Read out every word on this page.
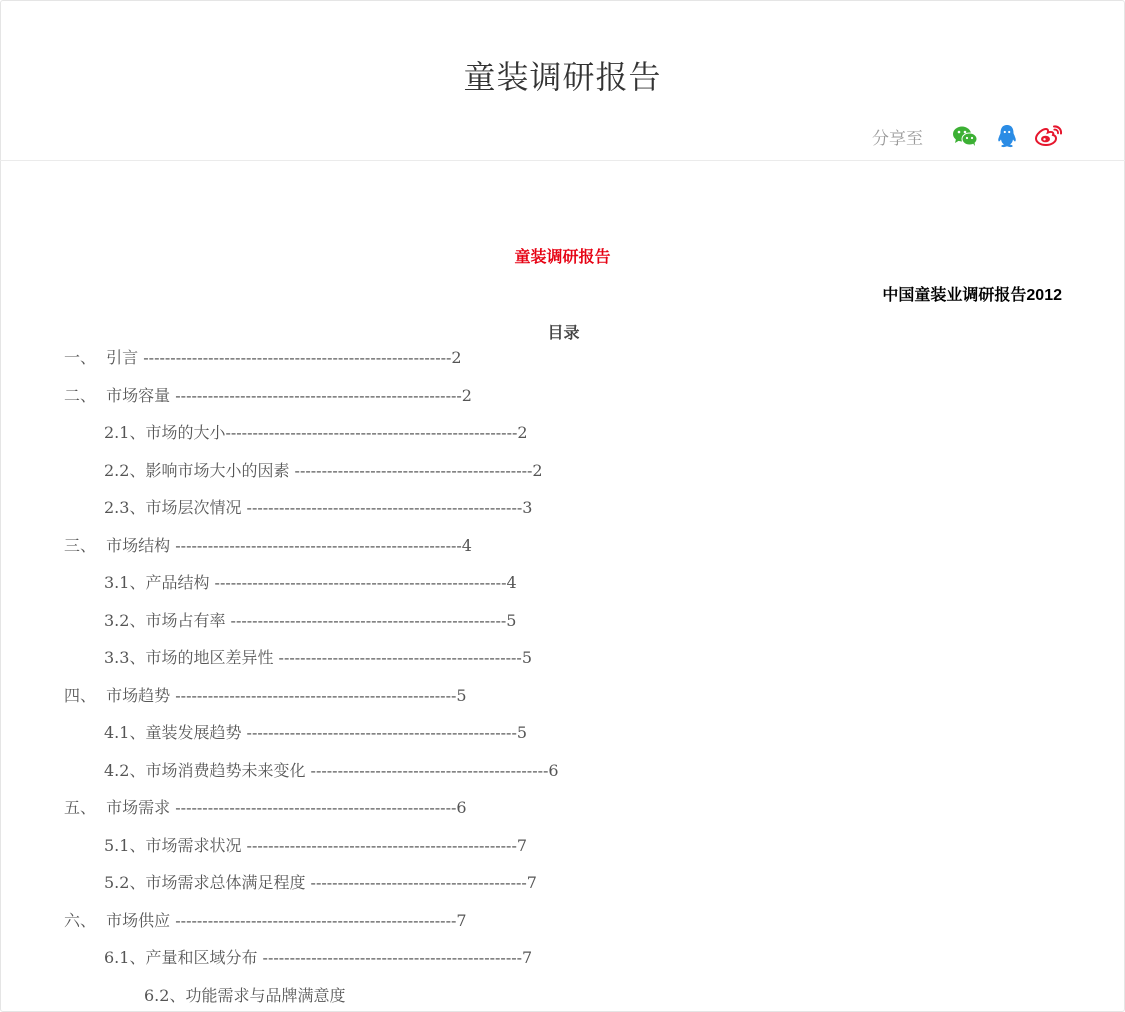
童装调研报告
分享至
童装调研报告
中国童装业调研报告2012
目录
一、  引言 ---------------------------------------------------------2
二、  市场容量 -----------------------------------------------------2
2.1、市场的大小------------------------------------------------------2
2.2、影响市场大小的因素 --------------------------------------------2
2.3、市场层次情况 ---------------------------------------------------3
三、  市场结构 -----------------------------------------------------4
3.1、产品结构 ------------------------------------------------------4
3.2、市场占有率 ---------------------------------------------------5
3.3、市场的地区差异性 ---------------------------------------------5
四、  市场趋势 ----------------------------------------------------5
4.1、童装发展趋势 --------------------------------------------------5
4.2、市场消费趋势未来变化 --------------------------------------------6
五、  市场需求 ----------------------------------------------------6
5.1、市场需求状况 --------------------------------------------------7
5.2、市场需求总体满足程度 ----------------------------------------7
六、  市场供应 ----------------------------------------------------7
6.1、产量和区域分布 ------------------------------------------------7
6.2、功能需求与品牌满意度
